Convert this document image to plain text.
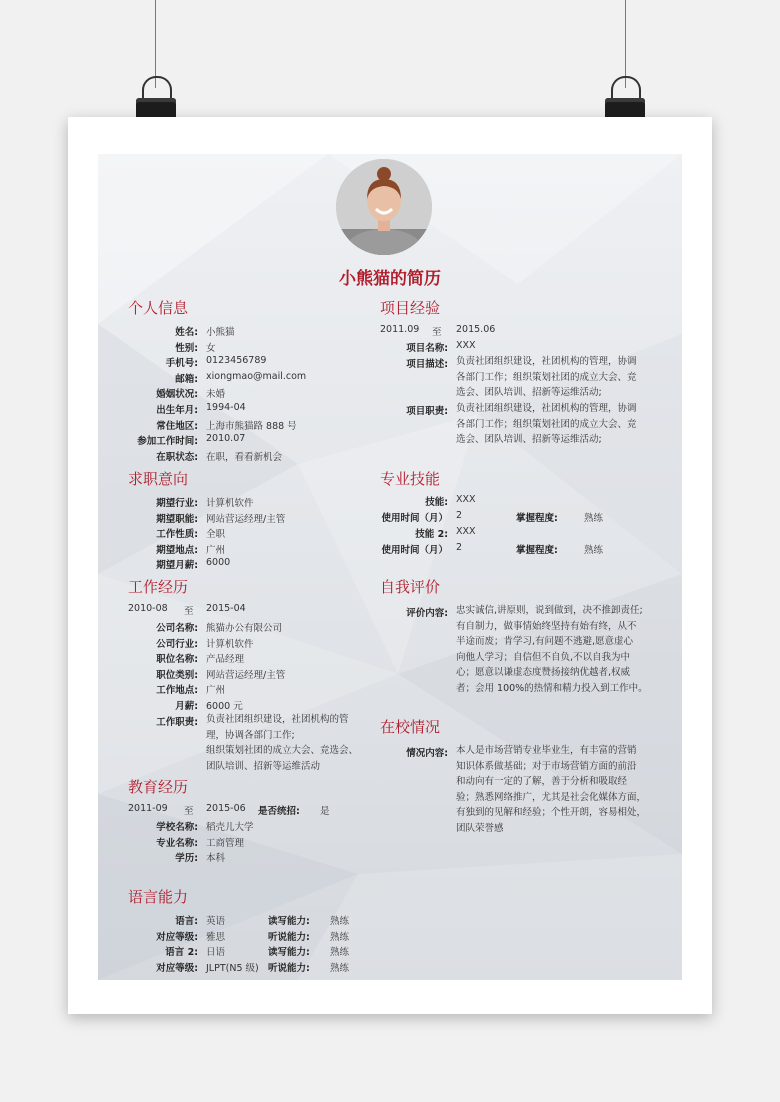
小熊猫的简历
个人信息
姓名: 小熊猫
性别: 女
手机号: 0123456789
邮箱: xiongmao@mail.com
婚姻状况: 未婚
出生年月: 1994-04
常住地区: 上海市熊猫路 888 号
参加工作时间: 2010.07
在职状态: 在职，看看新机会
求职意向
期望行业: 计算机软件
期望职能: 网站营运经理/主管
工作性质: 全职
期望地点: 广州
期望月薪: 6000
工作经历
2010-08 至 2015-04
公司名称: 熊猫办公有限公司
公司行业: 计算机软件
职位名称: 产品经理
职位类别: 网站营运经理/主管
工作地点: 广州
月薪: 6000 元
工作职责: 负责社团组织建设，社团机构的管
理，协调各部门工作;
组织策划社团的成立大会、竞选会、
团队培训、招新等运维活动
教育经历
2011-09 至 2015-06 是否统招: 是
学校名称: 稻壳儿大学
专业名称: 工商管理
学历: 本科
语言能力
语言: 英语	读写能力: 熟练
对应等级: 雅思	听说能力: 熟练
语言 2: 日语	读写能力: 熟练
对应等级: JLPT(N5 级) 听说能力: 熟练
项目经验
2011.09 至 2015.06
项目名称: XXX
项目描述: 负责社团组织建设，社团机构的管理，协调
各部门工作；组织策划社团的成立大会、竞
选会、团队培训、招新等运维活动;
项目职责: 负责社团组织建设，社团机构的管理，协调
各部门工作；组织策划社团的成立大会、竞
选会、团队培训、招新等运维活动;
专业技能
技能: XXX
使用时间（月） 2	掌握程度:	熟练
技能 2: XXX
使用时间（月） 2	掌握程度:	熟练
自我评价
评价内容: 忠实诚信,讲原则，说到做到，决不推卸责任;
有自制力，做事情始终坚持有始有终，从不
半途而废；肯学习,有问题不逃避,愿意虚心
向他人学习；自信但不自负,不以自我为中
心；愿意以谦虚态度赞扬接纳优越者,权威
者；会用 100%的热情和精力投入到工作中。
在校情况
情况内容: 本人是市场营销专业毕业生，有丰富的营销
知识体系做基础；对于市场营销方面的前沿
和动向有一定的了解，善于分析和吸取经
验；熟悉网络推广，尤其是社会化媒体方面，
有独到的见解和经验；个性开朗，容易相处，
团队荣誉感
